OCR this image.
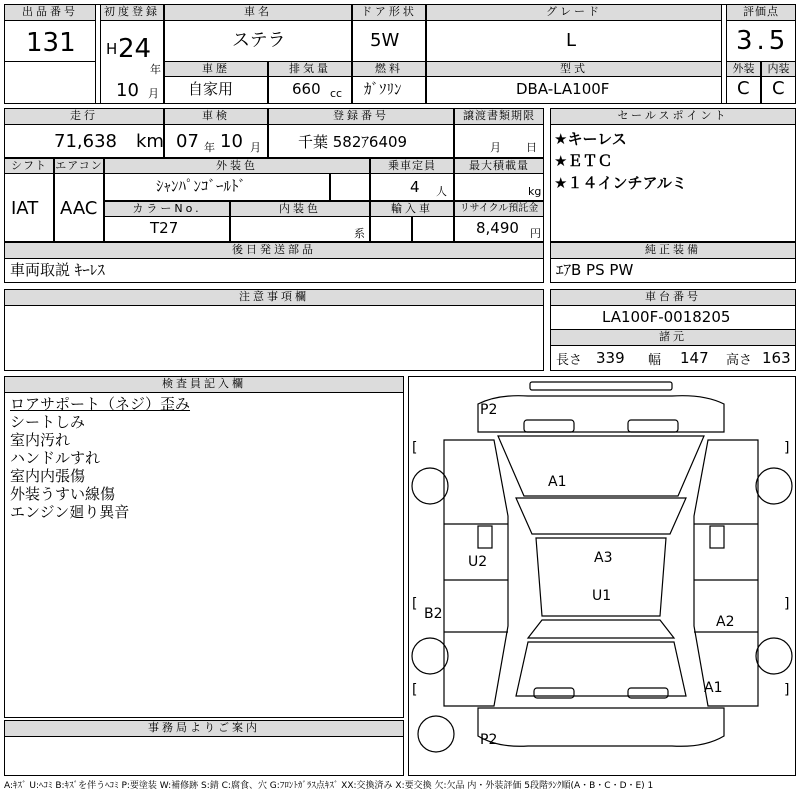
出品番号
131
初度登録
H 24
年
10 月
車名
ステラ
ドア形状
5W
グレード
L
評価点
3.5
車歴
自家用
排気量
660 cc
燃料
ｶﾞｿﾘﾝ
型式
DBA-LA100F
外装	内装
C C
走行
71,638 km
車検
07 年 10 月
登録番号
千葉 582ｱ6409
譲渡書類期限
月 日
セールスポイント
★キーレス
★ＥＴＣ
★１４インチアルミ
シフト エアコン
IAT AAC
外装色
ｼｬﾝﾊﾟﾝｺﾞｰﾙﾄﾞ
乗車定員
4 人
最大積載量
kg
カラーNo.
T27
内装色
系
輸入車	リサイクル預託金
8,490 円
後日発送部品
車両取説 ｷｰﾚｽ
純正装備
ｴｱB PS PW
注意事項欄	車台番号
LA100F-0018205
諸元
長さ 339 幅 147 高さ 163
検査員記入欄
ロアサポート（ネジ）歪み
シートしみ
室内汚れ
ハンドルすれ
室内内張傷
外装うすい線傷
エンジン廻り異音
事務局よりご案内
P2
A1
U2	A3
U1
B2	A2
A1
P2
[	]
[	]
[	]
A:ｷｽﾞ U:ﾍｺﾐ B:ｷｽﾞを伴うﾍｺﾐ P:要塗装 W:補修跡 S:錆 C:腐食、穴 G:ﾌﾛﾝﾄｶﾞﾗｽ点ｷｽﾞ XX:交換済み X:要交換 欠:欠品 内・外装評価 5段階ﾗﾝｸ順(A・B・C・D・E) 1
